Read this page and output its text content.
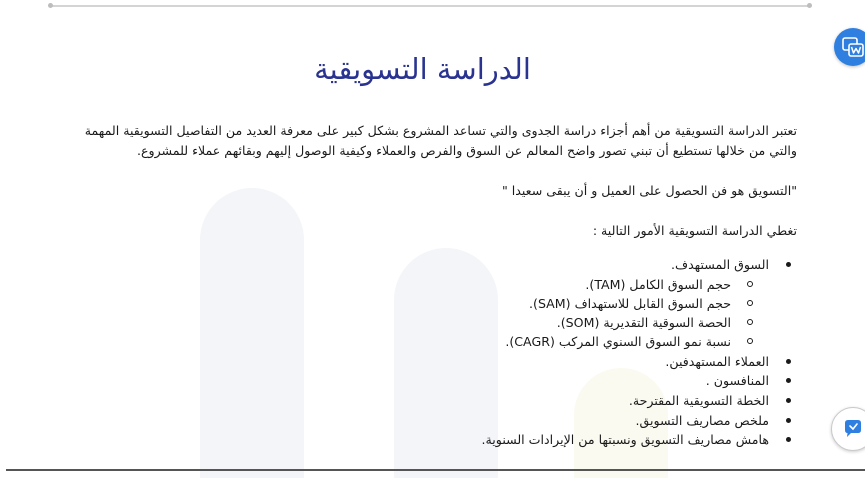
الدراسة التسويقية

تعتبر الدراسة التسويقية من أهم أجزاء دراسة الجدوى والتي تساعد المشروع بشكل كبير على معرفة العديد من التفاصيل التسويقية المهمة والتي من خلالها تستطيع أن تبني تصور واضح المعالم عن السوق والفرص والعملاء وكيفية الوصول إليهم وبقائهم عملاء للمشروع.

"التسويق هو فن الحصول على العميل و أن يبقى سعيدا "

تغطي الدراسة التسويقية الأمور التالية :

السوق المستهدف.
حجم السوق الكامل (TAM).
حجم السوق القابل للاستهداف (SAM).
الحصة السوقية التقديرية (SOM).
نسبة نمو السوق السنوي المركب (CAGR).
العملاء المستهدفين.
المنافسون .
الخطة التسويقية المقترحة.
ملخص مصاريف التسويق.
هامش مصاريف التسويق ونسبتها من الإيرادات السنوية.
